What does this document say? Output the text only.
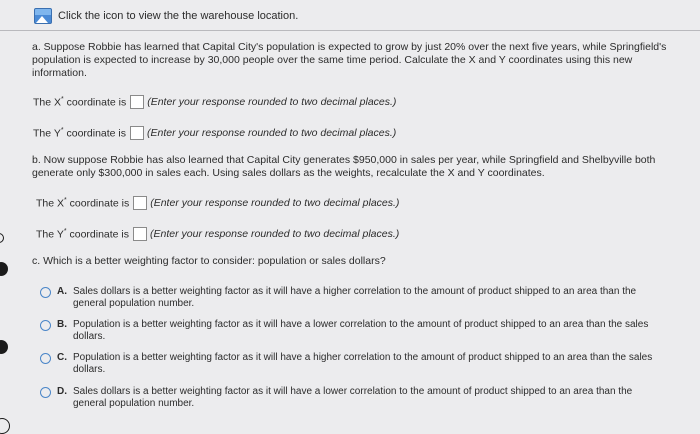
Click the icon to view the the warehouse location.
a. Suppose Robbie has learned that Capital City's population is expected to grow by just 20% over the next five years, while Springfield's population is expected to increase by 30,000 people over the same time period. Calculate the X and Y coordinates using this new information.
The X* coordinate is (Enter your response rounded to two decimal places.)
The Y* coordinate is (Enter your response rounded to two decimal places.)
b. Now suppose Robbie has also learned that Capital City generates $950,000 in sales per year, while Springfield and Shelbyville both generate only $300,000 in sales each. Using sales dollars as the weights, recalculate the X and Y coordinates.
The X* coordinate is (Enter your response rounded to two decimal places.)
The Y* coordinate is (Enter your response rounded to two decimal places.)
c. Which is a better weighting factor to consider: population or sales dollars?
A. Sales dollars is a better weighting factor as it will have a higher correlation to the amount of product shipped to an area than the general population number.
B. Population is a better weighting factor as it will have a lower correlation to the amount of product shipped to an area than the sales dollars.
C. Population is a better weighting factor as it will have a higher correlation to the amount of product shipped to an area than the sales dollars.
D. Sales dollars is a better weighting factor as it will have a lower correlation to the amount of product shipped to an area than the general population number.
